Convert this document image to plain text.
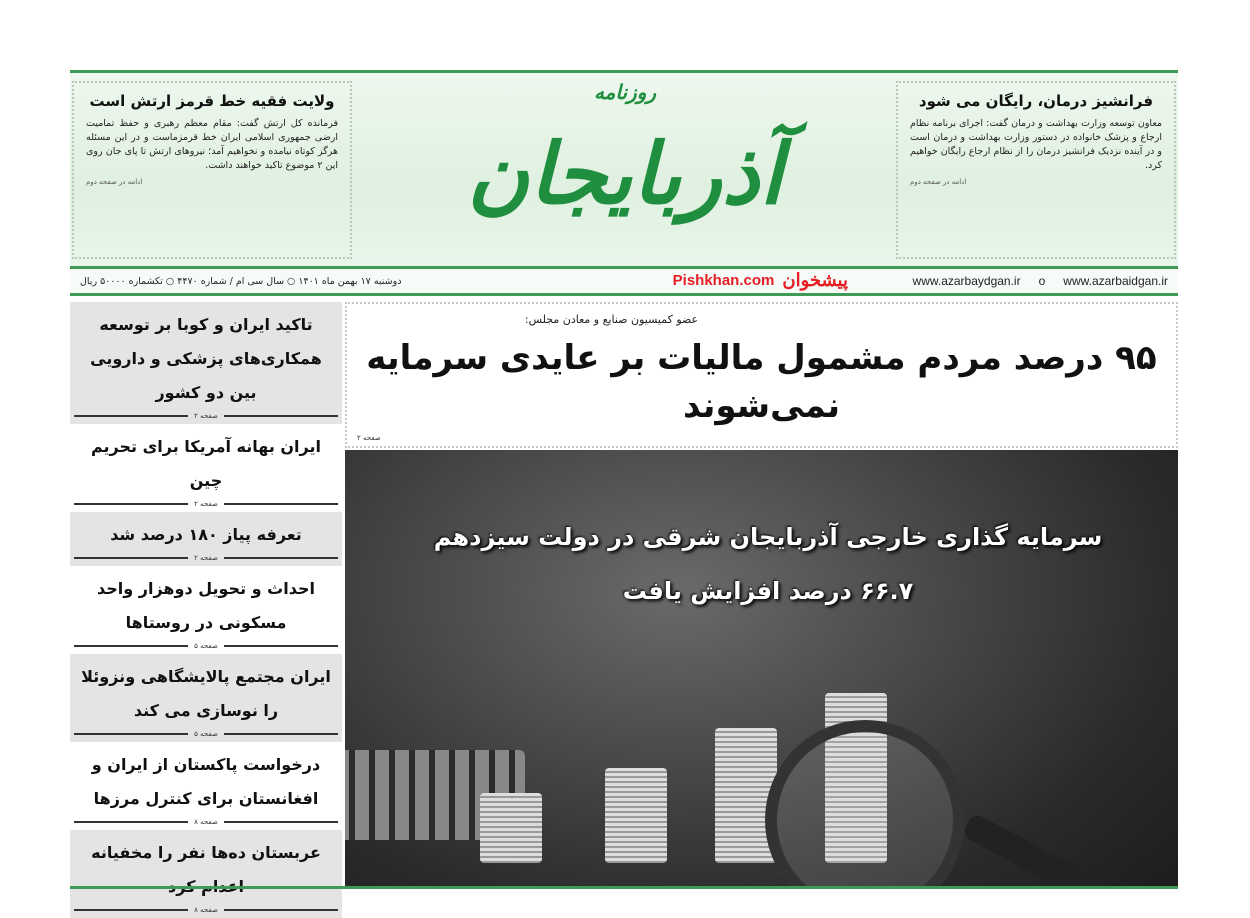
ولایت فقیه خط قرمز ارتش است

فرمانده کل ارتش گفت: مقام معظم رهبری و حفظ تمامیت ارضی جمهوری اسلامی ایران خط قرمزماست و در این مسئله هرگز کوتاه نیامده و نخواهیم آمد؛ نیروهای ارتش تا پای جان روی این ۲ موضوع تاکید خواهند داشت.

ادامه در صفحه دوم
روزنامه
آذربایجان
فرانشیز درمان، رایگان می شود

معاون توسعه وزارت بهداشت و درمان گفت: اجرای برنامه نظام ارجاع و پزشک خانواده در دستور وزارت بهداشت و درمان است و در آینده نزدیک فرانشیز درمان را از نظام ارجاع رایگان خواهیم کرد.

ادامه در صفحه دوم
www.azarbaydgan.ir o www.azarbaidgan.ir
دوشنبه ۱۷ بهمن ماه ۱۴۰۱ ○ سال سی ام / شماره ۴۴۷۰ ○ تکشماره ۵۰۰۰۰ ریال	Pishkhan.com پیشخوان
تاکید ایران و کوبا بر توسعه همکاری‌های پزشکی و دارویی بین دو کشور
صفحه ۲
ایران بهانه آمریکا برای تحریم چین
صفحه ۲
تعرفه پیاز ۱۸۰ درصد شد
صفحه ۲
احداث و تحویل دوهزار واحد مسکونی در روستاها
صفحه ۵
ایران مجتمع پالایشگاهی ونزوئلا را نوسازی می کند
صفحه ۵
درخواست پاکستان از ایران و افغانستان برای کنترل مرزها
صفحه ۸
عربستان ده‌ها نفر را مخفیانه
صفحه ۸
عضو کمیسیون صنایع و معادن مجلس:
۹۵ درصد مردم مشمول مالیات بر عایدی سرمایه نمی‌شوند
صفحه ۲
سرمایه گذاری خارجی آذربایجان شرقی در دولت سیزدهم
۶۶.۷ درصد افزایش یافت
